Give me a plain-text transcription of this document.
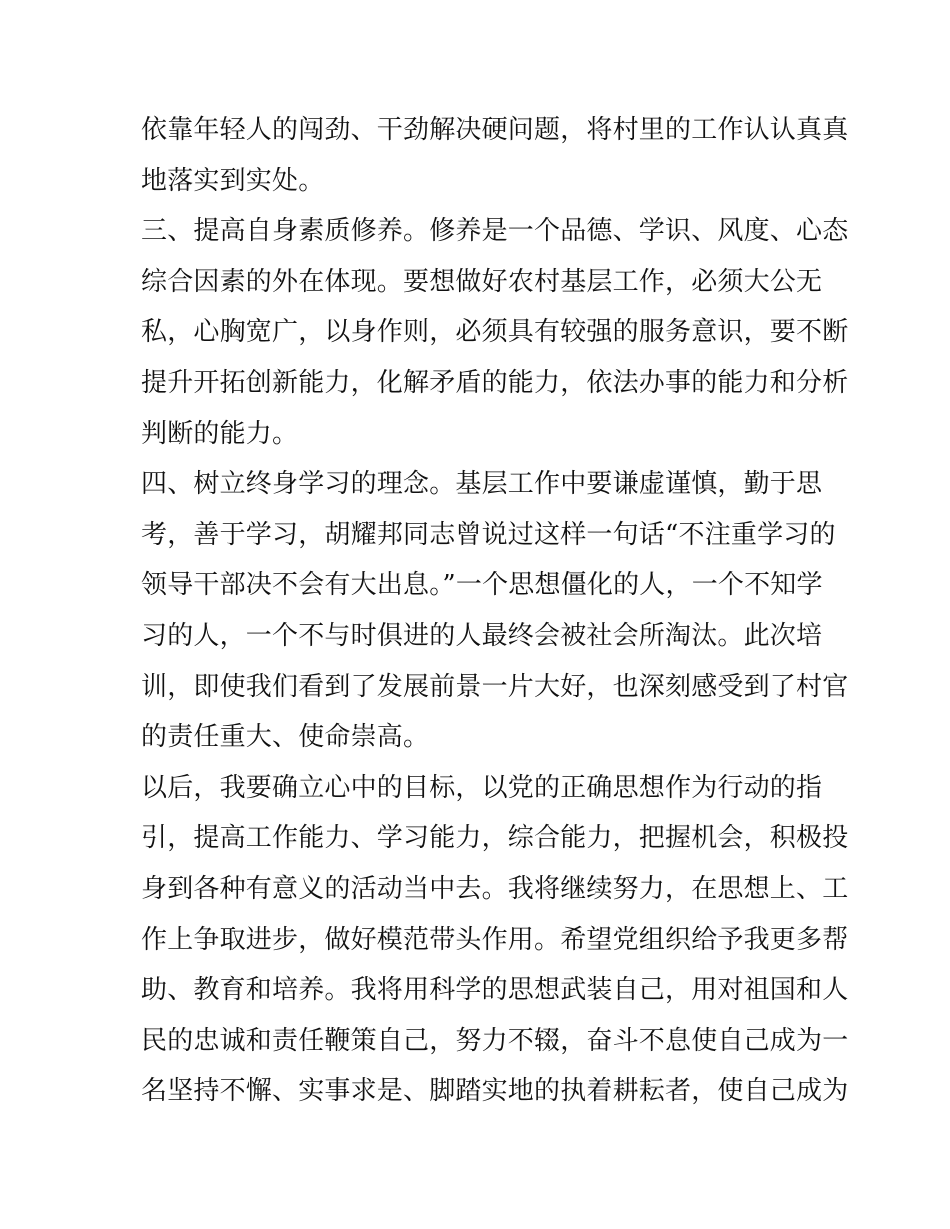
依靠年轻人的闯劲、干劲解决硬问题，将村里的工作认认真真
地落实到实处。
三、提高自身素质修养。修养是一个品德、学识、风度、心态
综合因素的外在体现。要想做好农村基层工作，必须大公无
私，心胸宽广，以身作则，必须具有较强的服务意识，要不断
提升开拓创新能力，化解矛盾的能力，依法办事的能力和分析
判断的能力。
四、树立终身学习的理念。基层工作中要谦虚谨慎，勤于思
考，善于学习，胡耀邦同志曾说过这样一句话“不注重学习的
领导干部决不会有大出息。”一个思想僵化的人，一个不知学
习的人，一个不与时俱进的人最终会被社会所淘汰。此次培
训，即使我们看到了发展前景一片大好，也深刻感受到了村官
的责任重大、使命崇高。
以后，我要确立心中的目标，以党的正确思想作为行动的指
引，提高工作能力、学习能力，综合能力，把握机会，积极投
身到各种有意义的活动当中去。我将继续努力，在思想上、工
作上争取进步，做好模范带头作用。希望党组织给予我更多帮
助、教育和培养。我将用科学的思想武装自己，用对祖国和人
民的忠诚和责任鞭策自己，努力不辍，奋斗不息使自己成为一
名坚持不懈、实事求是、脚踏实地的执着耕耘者，使自己成为
